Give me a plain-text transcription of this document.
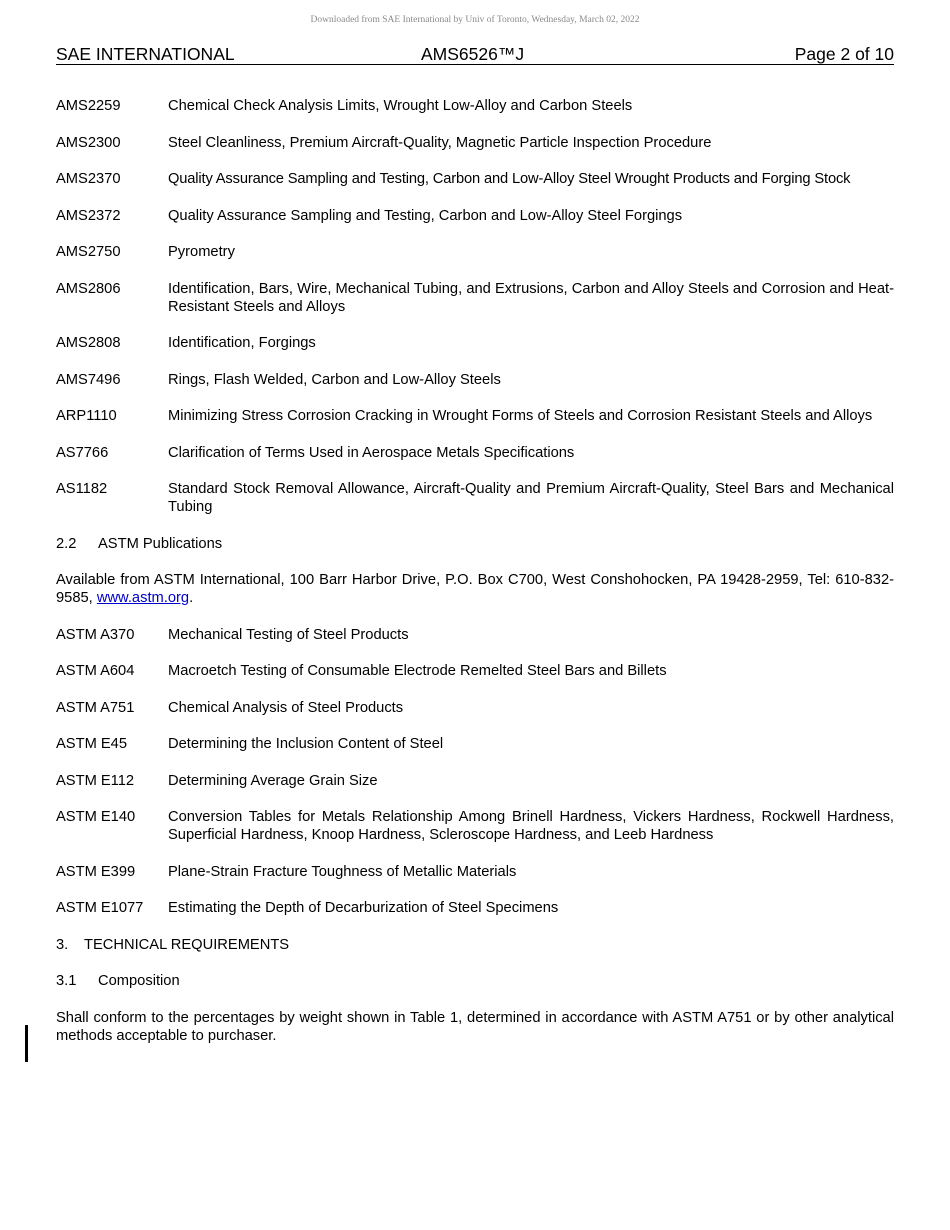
Downloaded from SAE International by Univ of Toronto, Wednesday, March 02, 2022
SAE INTERNATIONAL	AMS6526™J	Page 2 of 10
AMS2259	Chemical Check Analysis Limits, Wrought Low-Alloy and Carbon Steels
AMS2300	Steel Cleanliness, Premium Aircraft-Quality, Magnetic Particle Inspection Procedure
AMS2370	Quality Assurance Sampling and Testing, Carbon and Low-Alloy Steel Wrought Products and Forging Stock
AMS2372	Quality Assurance Sampling and Testing, Carbon and Low-Alloy Steel Forgings
AMS2750	Pyrometry
AMS2806	Identification, Bars, Wire, Mechanical Tubing, and Extrusions, Carbon and Alloy Steels and Corrosion and Heat-Resistant Steels and Alloys
AMS2808	Identification, Forgings
AMS7496	Rings, Flash Welded, Carbon and Low-Alloy Steels
ARP1110	Minimizing Stress Corrosion Cracking in Wrought Forms of Steels and Corrosion Resistant Steels and Alloys
AS7766	Clarification of Terms Used in Aerospace Metals Specifications
AS1182	Standard Stock Removal Allowance, Aircraft-Quality and Premium Aircraft-Quality, Steel Bars and Mechanical Tubing
2.2 ASTM Publications
Available from ASTM International, 100 Barr Harbor Drive, P.O. Box C700, West Conshohocken, PA 19428-2959, Tel: 610-832-9585, www.astm.org.
ASTM A370	Mechanical Testing of Steel Products
ASTM A604	Macroetch Testing of Consumable Electrode Remelted Steel Bars and Billets
ASTM A751	Chemical Analysis of Steel Products
ASTM E45	Determining the Inclusion Content of Steel
ASTM E112	Determining Average Grain Size
ASTM E140	Conversion Tables for Metals Relationship Among Brinell Hardness, Vickers Hardness, Rockwell Hardness, Superficial Hardness, Knoop Hardness, Scleroscope Hardness, and Leeb Hardness
ASTM E399	Plane-Strain Fracture Toughness of Metallic Materials
ASTM E1077	Estimating the Depth of Decarburization of Steel Specimens
3. TECHNICAL REQUIREMENTS
3.1 Composition
Shall conform to the percentages by weight shown in Table 1, determined in accordance with ASTM A751 or by other analytical methods acceptable to purchaser.
